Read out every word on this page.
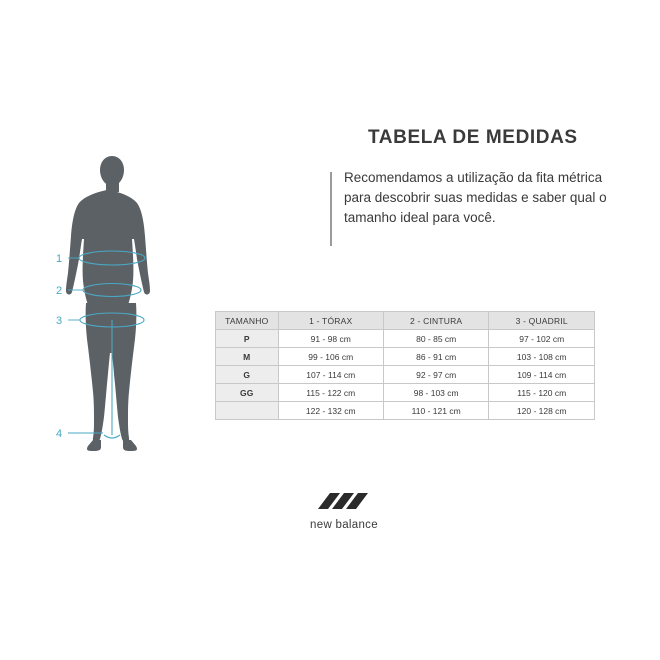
1
2
3
4
TABELA DE MEDIDAS
Recomendamos a utilização da fita métrica para descobrir suas medidas e saber qual o tamanho ideal para você.
TAMANHO	1 - TÓRAX	2 - CINTURA	3 - QUADRIL
P	91 - 98 cm	80 - 85 cm	97 - 102 cm
M	99 - 106 cm	86 - 91 cm	103 - 108 cm
G	107 - 114 cm	92 - 97 cm	109 - 114 cm
GG	115 - 122 cm	98 - 103 cm	115 - 120 cm
	122 - 132 cm	110 - 121 cm	120 - 128 cm
new balance
